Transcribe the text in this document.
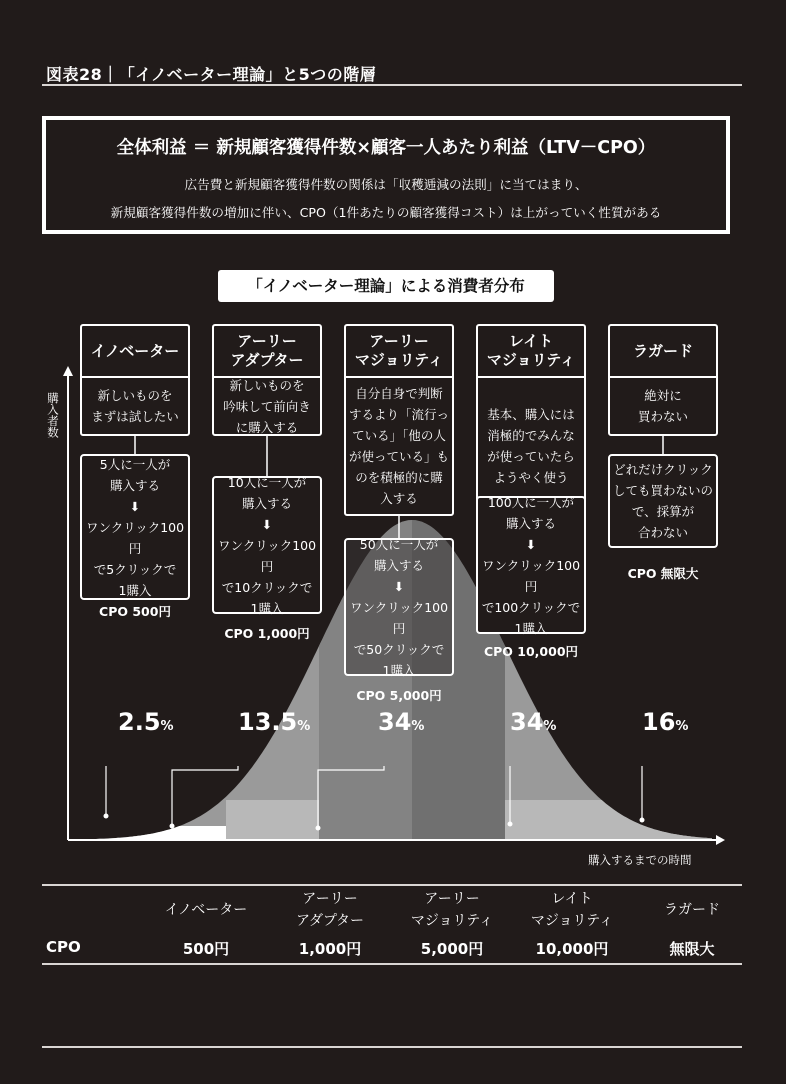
図表28｜「イノベーター理論」と5つの階層
全体利益 ＝ 新規顧客獲得件数×顧客一人あたり利益（LTV－CPO）
広告費と新規顧客獲得件数の関係は「収穫逓減の法則」に当てはまり、
新規顧客獲得件数の増加に伴い、CPO（1件あたりの顧客獲得コスト）は上がっていく性質がある
「イノベーター理論」による消費者分布
購入者数
購入するまでの時間
イノベーター
新しいものを
まずは試したい
5人に一人が
購入する
⬇
ワンクリック100円
で5クリックで
1購入
CPO 500円
2.5%
アーリー
アダプター
新しいものを
吟味して前向き
に購入する
10人に一人が
購入する
⬇
ワンクリック100円
で10クリックで
1購入
CPO 1,000円
13.5%
アーリー
マジョリティ
自分自身で判断
するより「流行っ
ている」「他の人
が使っている」も
のを積極的に購
入する
50人に一人が
購入する
⬇
ワンクリック100円
で50クリックで
1購入
CPO 5,000円
34%
レイト
マジョリティ
基本、購入には
消極的でみんな
が使っていたら
ようやく使う
100人に一人が
購入する
⬇
ワンクリック100円
で100クリックで
1購入
CPO 10,000円
34%
ラガード
絶対に
買わない
どれだけクリック
しても買わないの
で、採算が
合わない
CPO 無限大
16%
イノベーター
500円
アーリー
アダプター
1,000円
アーリー
マジョリティ
5,000円
レイト
マジョリティ
10,000円
ラガード
無限大
CPO
